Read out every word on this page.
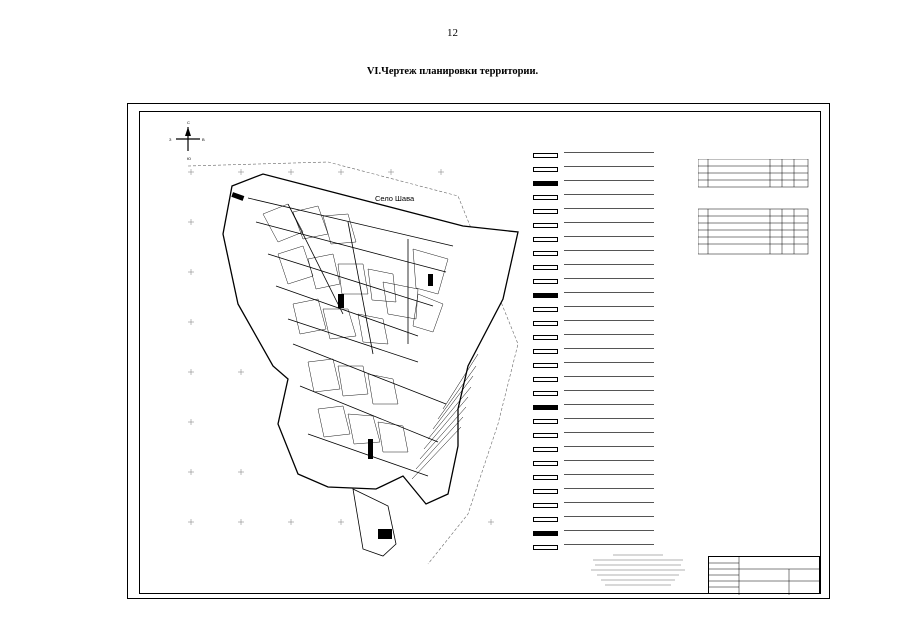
12
VI.Чертеж планировки территории.
С
Ю
З	В
Село Шава
